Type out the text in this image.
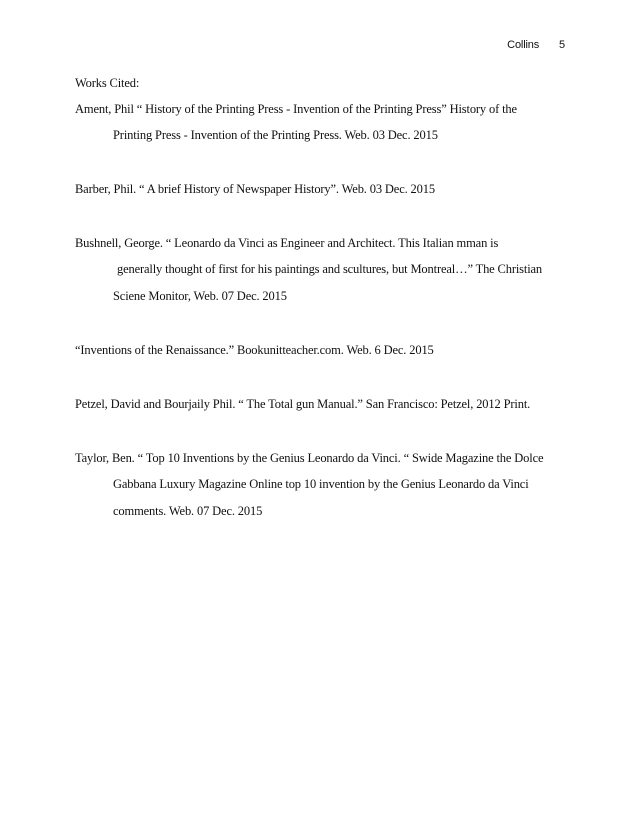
Collins 5
Works Cited:

Ament, Phil “ History of the Printing Press - Invention of the Printing Press” History of the

Printing Press - Invention of the Printing Press. Web. 03 Dec. 2015

Barber, Phil. “ A brief History of Newspaper History”. Web. 03 Dec. 2015

Bushnell, George. “ Leonardo da Vinci as Engineer and Architect. This Italian mman is

generally thought of first for his paintings and scultures, but Montreal…” The Christian

Sciene Monitor, Web. 07 Dec. 2015

“Inventions of the Renaissance.” Bookunitteacher.com. Web. 6 Dec. 2015

Petzel, David and Bourjaily Phil. “ The Total gun Manual.” San Francisco: Petzel, 2012 Print.

Taylor, Ben. “ Top 10 Inventions by the Genius Leonardo da Vinci. “ Swide Magazine the Dolce

Gabbana Luxury Magazine Online top 10 invention by the Genius Leonardo da Vinci

comments. Web. 07 Dec. 2015
